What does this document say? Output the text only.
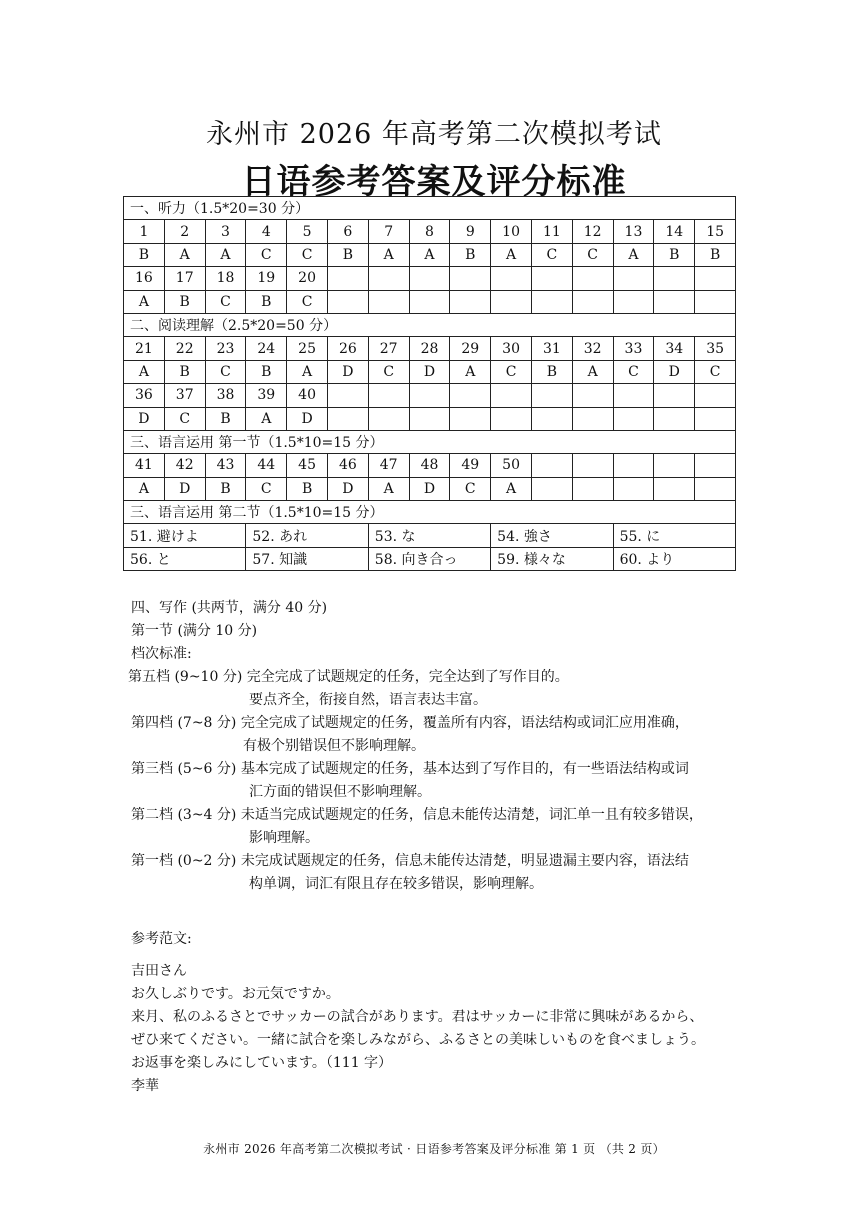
永州市 2026 年高考第二次模拟考试
日语参考答案及评分标准
一、听力（1.5*20=30 分）														
1	2	3	4	5	6	7	8	9	10	11	12	13	14	15
B	A	A	C	C	B	A	A	B	A	C	C	A	B	B
16	17	18	19	20										
A	B	C	B	C										
二、阅读理解（2.5*20=50 分）														
21	22	23	24	25	26	27	28	29	30	31	32	33	34	35
A	B	C	B	A	D	C	D	A	C	B	A	C	D	C
36	37	38	39	40										
D	C	B	A	D										
三、语言运用 第一节（1.5*10=15 分）														
41	42	43	44	45	46	47	48	49	50					
A	D	B	C	B	D	A	D	C	A					
三、语言运用 第二节（1.5*10=15 分）														
51. 避けよ			52. あれ			53. な			54. 強さ			55. に		
56. と			57. 知識			58. 向き合っ			59. 様々な			60. より		
四、写作 (共两节，满分 40 分)
第一节 (满分 10 分)
档次标准:
第五档 (9~10 分) 完全完成了试题规定的任务，完全达到了写作目的。
要点齐全，衔接自然，语言表达丰富。
第四档 (7~8 分) 完全完成了试题规定的任务，覆盖所有内容，语法结构或词汇应用准确，
有极个别错误但不影响理解。
第三档 (5~6 分) 基本完成了试题规定的任务，基本达到了写作目的，有一些语法结构或词
汇方面的错误但不影响理解。
第二档 (3~4 分) 未适当完成试题规定的任务，信息未能传达清楚，词汇单一且有较多错误，
影响理解。
第一档 (0~2 分) 未完成试题规定的任务，信息未能传达清楚，明显遗漏主要内容，语法结
构单调，词汇有限且存在较多错误，影响理解。
参考范文:
吉田さん
お久しぶりです。お元気ですか。
来月、私のふるさとでサッカーの試合があります。君はサッカーに非常に興味があるから、
ぜひ来てください。一緒に試合を楽しみながら、ふるさとの美味しいものを食べましょう。
お返事を楽しみにしています。（111 字）
李華
永州市 2026 年高考第二次模拟考试 · 日语参考答案及评分标准 第 1 页 （共 2 页）
